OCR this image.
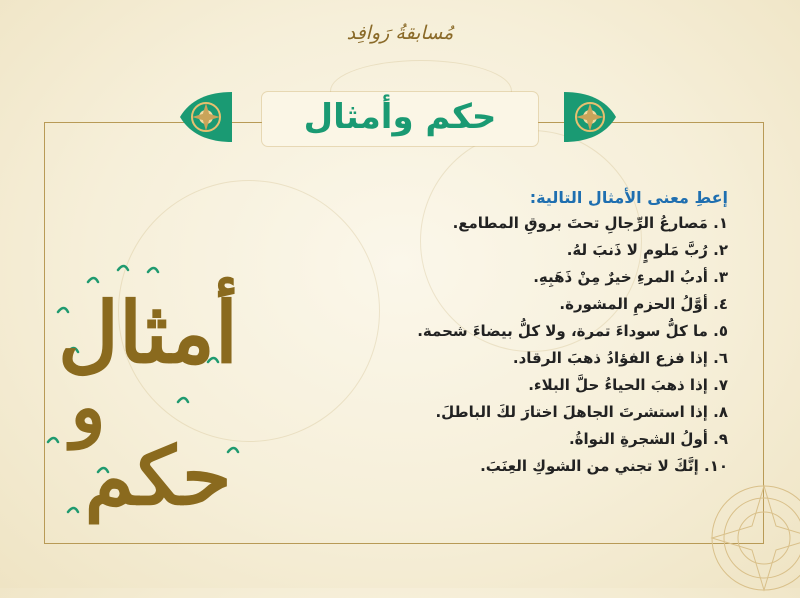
مُسابقةُ رَوافِد
حكم وأمثال
إعطِ معنى الأمثال التالية:
١. مَصارعُ الرِّجالِ تحتَ بروقِ المطامع.
٢. رُبَّ مَلومٍ لا ذَنبَ لهُ.
٣. أدبُ المرءِ خيرٌ مِنْ ذَهَبِهِ.
٤. أوَّلُ الحزمِ المشورة.
٥. ما كلُّ سوداءَ تمرة، ولا كلُّ بيضاءَ شحمة.
٦. إذا فزع الفؤادُ ذهبَ الرقاد.
٧. إذا ذهبَ الحياءُ حلَّ البلاء.
٨. إذا استشرتَ الجاهلَ اختارَ لكَ الباطلَ.
٩. أولُ الشجرةِ النواةُ.
١٠. إنَّكَ لا تجني من الشوكِ العِنَبَ.
أمثال
و
حكم
